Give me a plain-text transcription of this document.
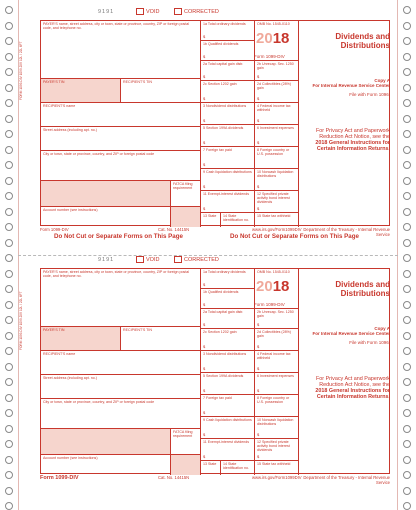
FORM 1099-DIV 1099-DIV 12L / 22L 6FT
FORM 1099-DIV 1099-DIV 12L / 22L 6FT
9191	VOID	CORRECTED
PAYER'S name, street address, city or town, state or province, country, ZIP or foreign postal code, and telephone no.
PAYER'S TIN	RECIPIENT'S TIN
RECIPIENT'S name
Street address (including apt. no.)
City or town, state or province, country, and ZIP or foreign postal code
FATCA filing requirement
Account number (see instructions)
1a Total ordinary dividends
$
1b Qualified dividends
$
2a Total capital gain distr.
$
2b Unrecap. Sec. 1250 gain
$
2c Section 1202 gain
$
2d Collectibles (28%) gain
$
3 Nondividend distributions
$
4 Federal income tax withheld
$
5 Section 199A dividends
$
6 Investment expenses
$
7 Foreign tax paid
$
8 Foreign country or U.S. possession
9 Cash liquidation distributions
$
10 Noncash liquidation distributions
$
11 Exempt-interest dividends
$
12 Specified private activity bond interest dividends
$
13 State	14 State identification no.
15 State tax withheld
OMB No. 1545-0110
2018	Dividends and Distributions
Form 1099-DIV
Copy A
For Internal Revenue Service Center
File with Form 1096.
For Privacy Act and Paperwork Reduction Act Notice, see the
2018 General Instructions for Certain Information Returns.
Form 1099-DIV	Cat. No. 14415N	www.irs.gov/Form1099DIV Department of the Treasury - Internal Revenue Service
Do Not Cut or Separate Forms on This Page	Do Not Cut or Separate Forms on This Page
9191	VOID	CORRECTED
PAYER'S name, street address, city or town, state or province, country, ZIP or foreign postal code, and telephone no.
PAYER'S TIN	RECIPIENT'S TIN
RECIPIENT'S name
Street address (including apt. no.)
City or town, state or province, country, and ZIP or foreign postal code
FATCA filing requirement
Account number (see instructions)
1a Total ordinary dividends
$
1b Qualified dividends
$
2a Total capital gain distr.
$
2b Unrecap. Sec. 1250 gain
$
2c Section 1202 gain
$
2d Collectibles (28%) gain
$
3 Nondividend distributions
$
4 Federal income tax withheld
$
5 Section 199A dividends
$
6 Investment expenses
$
7 Foreign tax paid
$
8 Foreign country or U.S. possession
9 Cash liquidation distributions
$
10 Noncash liquidation distributions
$
11 Exempt-interest dividends
$
12 Specified private activity bond interest dividends
$
13 State	14 State identification no.
15 State tax withheld
OMB No. 1545-0110
2018	Dividends and Distributions
Form 1099-DIV
Copy A
For Internal Revenue Service Center
File with Form 1096.
For Privacy Act and Paperwork Reduction Act Notice, see the
2018 General Instructions for Certain Information Returns.
Form 1099-DIV	Cat. No. 14415N	www.irs.gov/Form1099DIV Department of the Treasury - Internal Revenue Service
